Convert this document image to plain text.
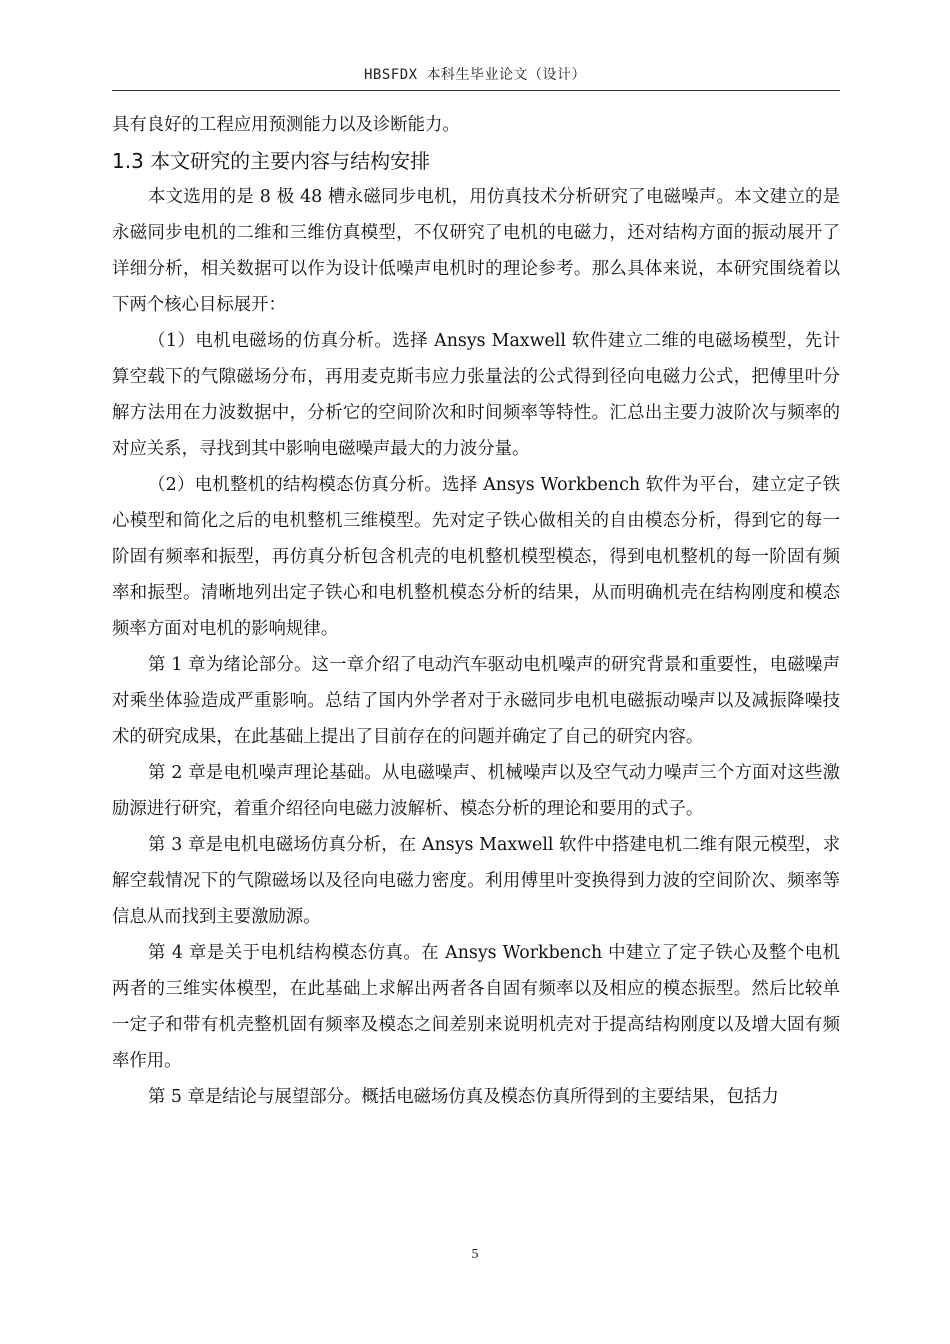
HBSFDX 本科生毕业论文（设计）

具有良好的工程应用预测能力以及诊断能力。

1.3 本文研究的主要内容与结构安排

本文选用的是 8 极 48 槽永磁同步电机，用仿真技术分析研究了电磁噪声。本文建立的是永磁同步电机的二维和三维仿真模型，不仅研究了电机的电磁力，还对结构方面的振动展开了详细分析，相关数据可以作为设计低噪声电机时的理论参考。那么具体来说，本研究围绕着以下两个核心目标展开：

（1）电机电磁场的仿真分析。选择 Ansys Maxwell 软件建立二维的电磁场模型，先计算空载下的气隙磁场分布，再用麦克斯韦应力张量法的公式得到径向电磁力公式，把傅里叶分解方法用在力波数据中，分析它的空间阶次和时间频率等特性。汇总出主要力波阶次与频率的对应关系，寻找到其中影响电磁噪声最大的力波分量。

（2）电机整机的结构模态仿真分析。选择 Ansys Workbench 软件为平台，建立定子铁心模型和简化之后的电机整机三维模型。先对定子铁心做相关的自由模态分析，得到它的每一阶固有频率和振型，再仿真分析包含机壳的电机整机模型模态，得到电机整机的每一阶固有频率和振型。清晰地列出定子铁心和电机整机模态分析的结果，从而明确机壳在结构刚度和模态频率方面对电机的影响规律。

第 1 章为绪论部分。这一章介绍了电动汽车驱动电机噪声的研究背景和重要性，电磁噪声对乘坐体验造成严重影响。总结了国内外学者对于永磁同步电机电磁振动噪声以及减振降噪技术的研究成果，在此基础上提出了目前存在的问题并确定了自己的研究内容。

第 2 章是电机噪声理论基础。从电磁噪声、机械噪声以及空气动力噪声三个方面对这些激励源进行研究，着重介绍径向电磁力波解析、模态分析的理论和要用的式子。

第 3 章是电机电磁场仿真分析，在 Ansys Maxwell 软件中搭建电机二维有限元模型，求解空载情况下的气隙磁场以及径向电磁力密度。利用傅里叶变换得到力波的空间阶次、频率等信息从而找到主要激励源。

第 4 章是关于电机结构模态仿真。在 Ansys Workbench 中建立了定子铁心及整个电机两者的三维实体模型，在此基础上求解出两者各自固有频率以及相应的模态振型。然后比较单一定子和带有机壳整机固有频率及模态之间差别来说明机壳对于提高结构刚度以及增大固有频率作用。

第 5 章是结论与展望部分。概括电磁场仿真及模态仿真所得到的主要结果，包括力

5
